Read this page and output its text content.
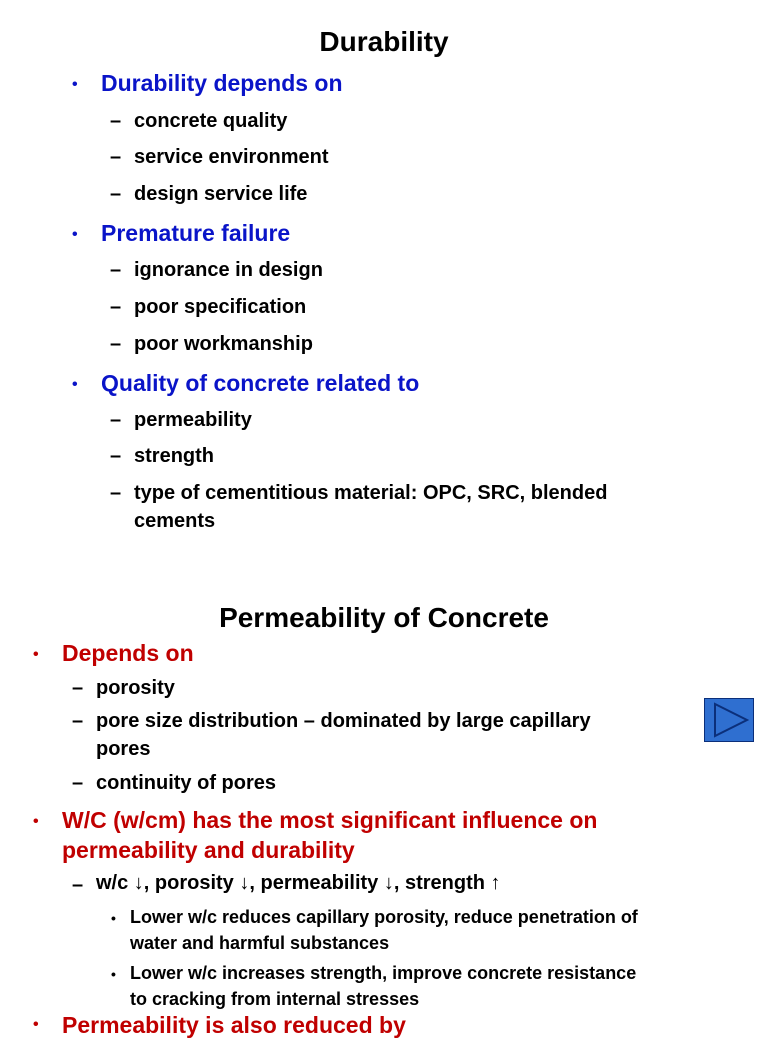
Durability
• Durability depends on
– concrete quality
– service environment
– design service life
• Premature failure
– ignorance in design
– poor specification
– poor workmanship
• Quality of concrete related to
– permeability
– strength
– type of cementitious material: OPC, SRC, blended
cements
Permeability of Concrete
• Depends on
– porosity
– pore size distribution – dominated by large capillary
pores
– continuity of pores
• W/C (w/cm) has the most significant influence on
permeability and durability
– w/c ↓, porosity ↓, permeability ↓, strength ↑
• Lower w/c reduces capillary porosity, reduce penetration of
water and harmful substances
• Lower w/c increases strength, improve concrete resistance
to cracking from internal stresses
• Permeability is also reduced by
